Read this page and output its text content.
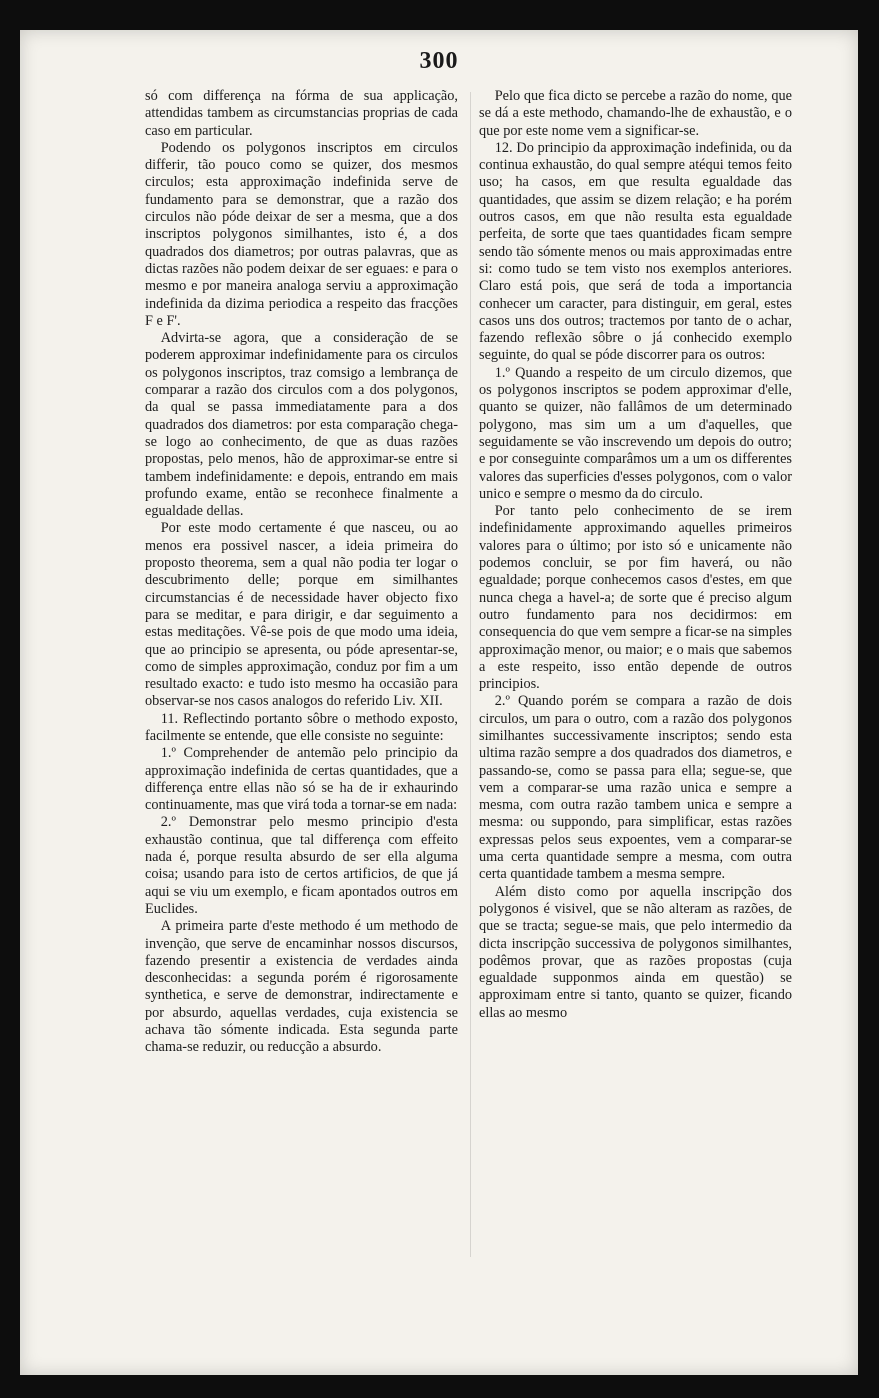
300

só com differença na fórma de sua applicação, attendidas tambem as circumstancias proprias de cada caso em particular.

Podendo os polygonos inscriptos em circulos differir, tão pouco como se quizer, dos mesmos circulos; esta approximação indefinida serve de fundamento para se demonstrar, que a razão dos circulos não póde deixar de ser a mesma, que a dos inscriptos polygonos similhantes, isto é, a dos quadrados dos diametros; por outras palavras, que as dictas razões não podem deixar de ser eguaes: e para o mesmo e por maneira analoga serviu a approximação indefinida da dizima periodica a respeito das fracções F e F'.

Advirta-se agora, que a consideração de se poderem approximar indefinidamente para os circulos os polygonos inscriptos, traz comsigo a lembrança de comparar a razão dos circulos com a dos polygonos, da qual se passa immediatamente para a dos quadrados dos diametros: por esta comparação chega-se logo ao conhecimento, de que as duas razões propostas, pelo menos, hão de approximar-se entre si tambem indefinidamente: e depois, entrando em mais profundo exame, então se reconhece finalmente a egualdade dellas.

Por este modo certamente é que nasceu, ou ao menos era possivel nascer, a ideia primeira do proposto theorema, sem a qual não podia ter logar o descubrimento delle; porque em similhantes circumstancias é de necessidade haver objecto fixo para se meditar, e para dirigir, e dar seguimento a estas meditações. Vê-se pois de que modo uma ideia, que ao principio se apresenta, ou póde apresentar-se, como de simples approximação, conduz por fim a um resultado exacto: e tudo isto mesmo ha occasião para observar-se nos casos analogos do referido Liv. XII.

11. Reflectindo portanto sôbre o methodo exposto, facilmente se entende, que elle consiste no seguinte:

1.º Comprehender de antemão pelo principio da approximação indefinida de certas quantidades, que a differença entre ellas não só se ha de ir exhaurindo continuamente, mas que virá toda a tornar-se em nada:

2.º Demonstrar pelo mesmo principio d'esta exhaustão continua, que tal differença com effeito nada é, porque resulta absurdo de ser ella alguma coisa; usando para isto de certos artificios, de que já aqui se viu um exemplo, e ficam apontados outros em Euclides.

A primeira parte d'este methodo é um methodo de invenção, que serve de encaminhar nossos discursos, fazendo presentir a existencia de verdades ainda desconhecidas: a segunda porém é rigorosamente synthetica, e serve de demonstrar, indirectamente e por absurdo, aquellas verdades, cuja existencia se achava tão sómente indicada. Esta segunda parte chama-se reduzir, ou reducção a absurdo.

Pelo que fica dicto se percebe a razão do nome, que se dá a este methodo, chamando-lhe de exhaustão, e o que por este nome vem a significar-se.

12. Do principio da approximação indefinida, ou da continua exhaustão, do qual sempre atéqui temos feito uso; ha casos, em que resulta egualdade das quantidades, que assim se dizem relação; e ha porém outros casos, em que não resulta esta egualdade perfeita, de sorte que taes quantidades ficam sempre sendo tão sómente menos ou mais approximadas entre si: como tudo se tem visto nos exemplos anteriores. Claro está pois, que será de toda a importancia conhecer um caracter, para distinguir, em geral, estes casos uns dos outros; tractemos por tanto de o achar, fazendo reflexão sôbre o já conhecido exemplo seguinte, do qual se póde discorrer para os outros:

1.º Quando a respeito de um circulo dizemos, que os polygonos inscriptos se podem approximar d'elle, quanto se quizer, não fallâmos de um determinado polygono, mas sim um a um d'aquelles, que seguidamente se vão inscrevendo um depois do outro; e por conseguinte comparâmos um a um os differentes valores das superficies d'esses polygonos, com o valor unico e sempre o mesmo da do circulo.

Por tanto pelo conhecimento de se irem indefinidamente approximando aquelles primeiros valores para o último; por isto só e unicamente não podemos concluir, se por fim haverá, ou não egualdade; porque conhecemos casos d'estes, em que nunca chega a havel-a; de sorte que é preciso algum outro fundamento para nos decidirmos: em consequencia do que vem sempre a ficar-se na simples approximação menor, ou maior; e o mais que sabemos a este respeito, isso então depende de outros principios.

2.º Quando porém se compara a razão de dois circulos, um para o outro, com a razão dos polygonos similhantes successivamente inscriptos; sendo esta ultima razão sempre a dos quadrados dos diametros, e passando-se, como se passa para ella; segue-se, que vem a comparar-se uma razão unica e sempre a mesma, com outra razão tambem unica e sempre a mesma: ou suppondo, para simplificar, estas razões expressas pelos seus expoentes, vem a comparar-se uma certa quantidade sempre a mesma, com outra certa quantidade tambem a mesma sempre.

Além disto como por aquella inscripção dos polygonos é visivel, que se não alteram as razões, de que se tracta; segue-se mais, que pelo intermedio da dicta inscripção successiva de polygonos similhantes, podêmos provar, que as razões propostas (cuja egualdade supponmos ainda em questão) se approximam entre si tanto, quanto se quizer, ficando ellas ao mesmo
